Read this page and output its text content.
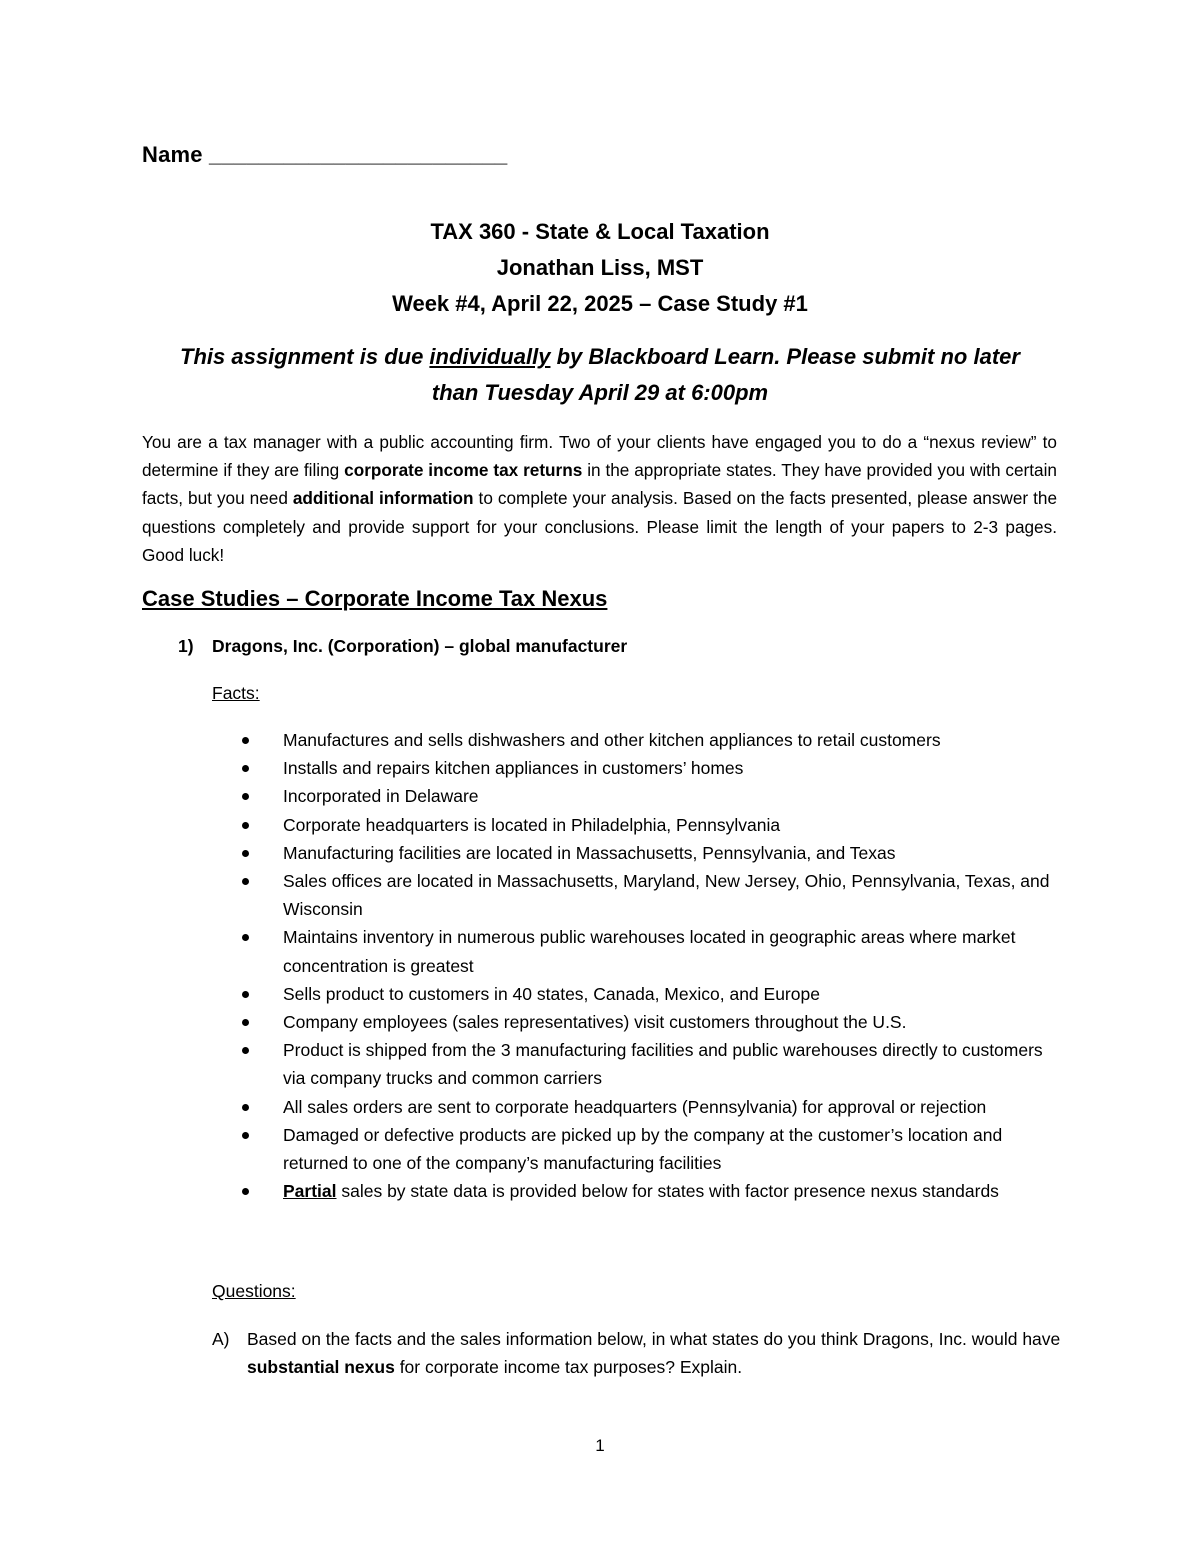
Name ________________________
TAX 360 - State & Local Taxation
Jonathan Liss, MST
Week #4, April 22, 2025 – Case Study #1
This assignment is due individually by Blackboard Learn. Please submit no later
than Tuesday April 29 at 6:00pm
You are a tax manager with a public accounting firm. Two of your clients have engaged you to do a “nexus review” to determine if they are filing corporate income tax returns in the appropriate states. They have provided you with certain facts, but you need additional information to complete your analysis. Based on the facts presented, please answer the questions completely and provide support for your conclusions. Please limit the length of your papers to 2-3 pages. Good luck!
Case Studies – Corporate Income Tax Nexus
1) Dragons, Inc. (Corporation) – global manufacturer
Facts:
Manufactures and sells dishwashers and other kitchen appliances to retail customers
Installs and repairs kitchen appliances in customers’ homes
Incorporated in Delaware
Corporate headquarters is located in Philadelphia, Pennsylvania
Manufacturing facilities are located in Massachusetts, Pennsylvania, and Texas
Sales offices are located in Massachusetts, Maryland, New Jersey, Ohio, Pennsylvania, Texas, and Wisconsin
Maintains inventory in numerous public warehouses located in geographic areas where market concentration is greatest
Sells product to customers in 40 states, Canada, Mexico, and Europe
Company employees (sales representatives) visit customers throughout the U.S.
Product is shipped from the 3 manufacturing facilities and public warehouses directly to customers via company trucks and common carriers
All sales orders are sent to corporate headquarters (Pennsylvania) for approval or rejection
Damaged or defective products are picked up by the company at the customer’s location and returned to one of the company’s manufacturing facilities
Partial sales by state data is provided below for states with factor presence nexus standards
Questions:
A)	Based on the facts and the sales information below, in what states do you think Dragons, Inc. would have substantial nexus for corporate income tax purposes? Explain.
1
